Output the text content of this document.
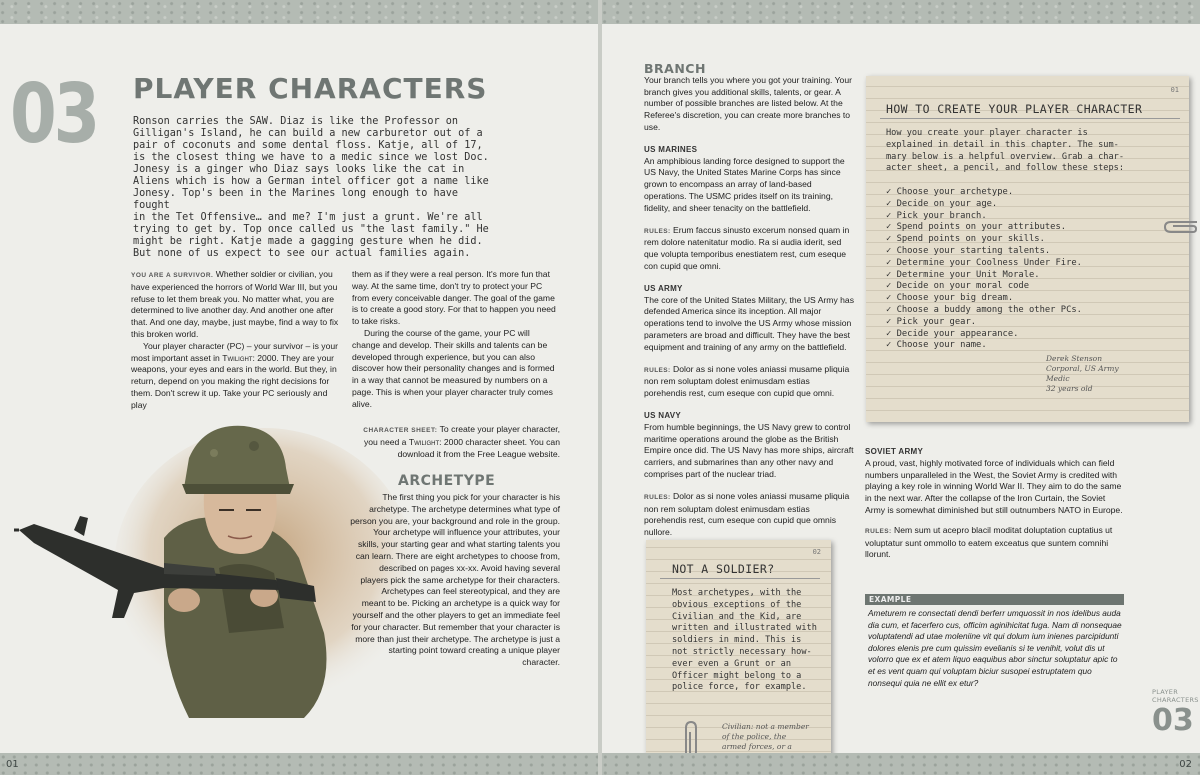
03 PLAYER CHARACTERS
Ronson carries the SAW. Diaz is like the Professor on
Gilligan's Island, he can build a new carburetor out of a
pair of coconuts and some dental floss. Katje, all of 17,
is the closest thing we have to a medic since we lost Doc.
Jonesy is a ginger who Diaz says looks like the cat in
Aliens which is how a German intel officer got a name like
Jonesy. Top's been in the Marines long enough to have fought
in the Tet Offensive… and me? I'm just a grunt. We're all
trying to get by. Top once called us "the last family." He
might be right. Katje made a gagging gesture when he did.
But none of us expect to see our actual families again.

YOU ARE A SURVIVOR. Whether soldier or civilian, you have experienced the horrors of World War III, but you refuse to let them break you. No matter what, you are determined to live another day. And another one after that. And one day, maybe, just maybe, find a way to fix this broken world.

Your player character (PC) – your survivor – is your most important asset in Twilight: 2000. They are your weapons, your eyes and ears in the world. But they, in return, depend on you making the right decisions for them. Don't screw it up. Take your PC seriously and play

them as if they were a real person. It's more fun that way. At the same time, don't try to protect your PC from every conceivable danger. The goal of the game is to create a good story. For that to happen you need to take risks.

During the course of the game, your PC will change and develop. Their skills and talents can be developed through experience, but you can also discover how their personality changes and is formed in a way that cannot be measured by numbers on a page. This is when your player character truly comes alive.

CHARACTER SHEET: To create your player character, you need a Twilight: 2000 character sheet. You can download it from the Free League website.
ARCHETYPE

The first thing you pick for your character is his archetype. The archetype determines what type of person you are, your background and role in the group. Your archetype will influence your attributes, your skills, your starting gear and what starting talents you can learn. There are eight archetypes to choose from, described on pages xx-xx. Avoid having several players pick the same archetype for their characters.

Archetypes can feel stereotypical, and they are meant to be. Picking an archetype is a quick way for yourself and the other players to get an immediate feel for your character. But remember that your character is more than just their archetype. The archetype is just a starting point toward creating a unique player character.

01
BRANCH
Your branch tells you where you got your training. Your branch gives you additional skills, talents, or gear. A number of possible branches are listed below. At the Referee's discretion, you can create more branches to use.
US MARINES
An amphibious landing force designed to support the US Navy, the United States Marine Corps has since grown to encompass an array of land-based operations. The USMC prides itself on its training, fidelity, and sheer tenacity on the battlefield.
RULES: Erum faccus sinusto excerum nonsed quam in rem dolore natenitatur modio. Ra si audia iderit, sed que volupta temporibus enestiatem rest, cum eseque con cupid que omni.
US ARMY
The core of the United States Military, the US Army has defended America since its inception. All major operations tend to involve the US Army whose mission parameters are broad and difficult. They have the best equipment and training of any army on the battlefield.
RULES: Dolor as si none voles aniassi musame pliquia non rem soluptam dolest enimusdam estias porehendis rest, cum eseque con cupid que omni.
US NAVY
From humble beginnings, the US Navy grew to control maritime operations around the globe as the British Empire once did. The US Navy has more ships, aircraft carriers, and submarines than any other navy and comprises part of the nuclear triad.
RULES: Dolor as si none voles aniassi musame pliquia non rem soluptam dolest enimusdam estias porehendis rest, cum eseque con cupid que omnis nullore.
01
HOW TO CREATE YOUR PLAYER CHARACTER
How you create your player character is
explained in detail in this chapter. The sum-
mary below is a helpful overview. Grab a char-
acter sheet, a pencil, and follow these steps:
✓ Choose your archetype.
✓ Decide on your age.
✓ Pick your branch.
✓ Spend points on your attributes.
✓ Spend points on your skills.
✓ Choose your starting talents.
✓ Determine your Coolness Under Fire.
✓ Determine your Unit Morale.
✓ Decide on your moral code
✓ Choose your big dream.
✓ Choose a buddy among the other PCs.
✓ Pick your gear.
✓ Decide your appearance.
✓ Choose your name.
Derek Stenson
Corporal, US Army
Medic
32 years old
02
NOT A SOLDIER?
Most archetypes, with the
obvious exceptions of the
Civilian and the Kid, are
written and illustrated with
soldiers in mind. This is
not strictly necessary how-
ever even a Grunt or an
Officer might belong to a
police force, for example.
Civilian: not a member
of the police, the
armed forces, or a

SOVIET ARMY
A proud, vast, highly motivated force of individuals which can field numbers unparalleled in the West, the Soviet Army is credited with playing a key role in winning World War II. They aim to do the same in the next war. After the collapse of the Iron Curtain, the Soviet Army is somewhat diminished but still outnumbers NATO in Europe.
RULES: Nem sum ut acepro blacil moditat doluptation cuptatius ut voluptatur sunt ommollo to eatem exceatus que suntem comnihi llorunt.
EXAMPLE
Ameturem re consectati dendi berferr umquossit in nos idelibus auda dia cum, et facerfero cus, officim aginihicitat fuga. Nam di nonsequae voluptatendi ad utae moleniine vit qui dolum ium inienes parcipidunti dolores elenis pre cum quissim evelianis si te venihit, volut dis ut volorro que ex et atem liquo eaquibus abor sinctur soluptatur apic to et es vent quam qui voluptam biciur susopei estruptatem quo nonsequi quia ne ellit ex etur?
PLAYER
CHARACTERS
03
02
